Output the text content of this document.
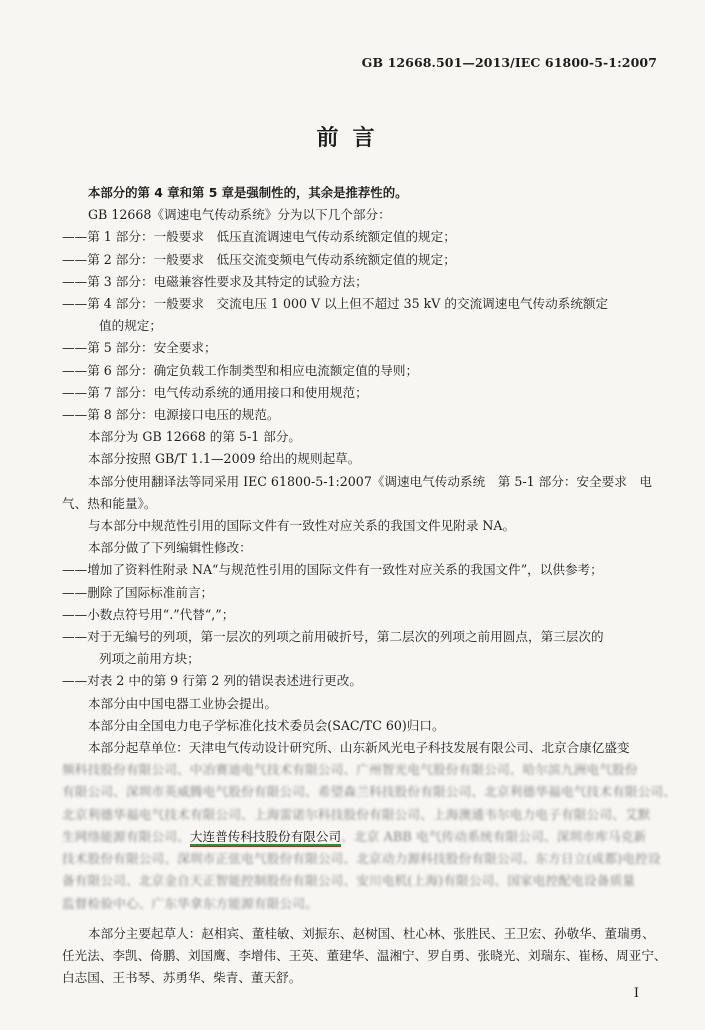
GB 12668.501—2013/IEC 61800-5-1:2007
前言

本部分的第 4 章和第 5 章是强制性的，其余是推荐性的。

GB 12668《调速电气传动系统》分为以下几个部分：

——第 1 部分：一般要求　低压直流调速电气传动系统额定值的规定；

——第 2 部分：一般要求　低压交流变频电气传动系统额定值的规定；

——第 3 部分：电磁兼容性要求及其特定的试验方法；

——第 4 部分：一般要求　交流电压 1 000 V 以上但不超过 35 kV 的交流调速电气传动系统额定

值的规定；

——第 5 部分：安全要求；

——第 6 部分：确定负载工作制类型和相应电流额定值的导则；

——第 7 部分：电气传动系统的通用接口和使用规范；

——第 8 部分：电源接口电压的规范。

本部分为 GB 12668 的第 5-1 部分。

本部分按照 GB/T 1.1—2009 给出的规则起草。

本部分使用翻译法等同采用 IEC 61800-5-1:2007《调速电气传动系统　第 5-1 部分：安全要求　电

气、热和能量》。

与本部分中规范性引用的国际文件有一致性对应关系的我国文件见附录 NA。

本部分做了下列编辑性修改：

——增加了资料性附录 NA“与规范性引用的国际文件有一致性对应关系的我国文件”，以供参考；

——删除了国际标准前言；

——小数点符号用“.”代替“,”；

——对于无编号的列项，第一层次的列项之前用破折号，第二层次的列项之前用圆点，第三层次的

列项之前用方块；

——对表 2 中的第 9 行第 2 列的错误表述进行更改。

本部分由中国电器工业协会提出。

本部分由全国电力电子学标准化技术委员会(SAC/TC 60)归口。

本部分起草单位：天津电气传动设计研究所、山东新风光电子科技发展有限公司、北京合康亿盛变

频科技股份有限公司、中冶赛迪电气技术有限公司、广州智光电气股份有限公司、哈尔滨九洲电气股份

有限公司、深圳市英威腾电气股份有限公司、希望森兰科技股份有限公司、北京利德华福电气技术有限公司、

北京利德华福电气技术有限公司、上海雷诺尔科技股份有限公司、上海澳通韦尔电力电子有限公司、艾默

生网络能源有限公司、大连普传科技股份有限公司、北京 ABB 电气传动系统有限公司、深圳市库马克新

技术股份有限公司、深圳市正弦电气股份有限公司、北京动力源科技股份有限公司、东方日立(成都)电控设

备有限公司、北京金自天正智能控制股份有限公司、安川电机(上海)有限公司、国家电控配电设备质量

监督检验中心、广东华拿东方能源有限公司。

本部分主要起草人：赵相宾、董桂敏、刘振东、赵树国、杜心林、张胜民、王卫宏、孙敬华、董瑞勇、

任光法、李凯、倚鹏、刘国鹰、李增伟、王英、董建华、温湘宁、罗自勇、张晓光、刘瑞东、崔杨、周亚宁、

白志国、王书琴、苏勇华、柴青、董天舒。

I
